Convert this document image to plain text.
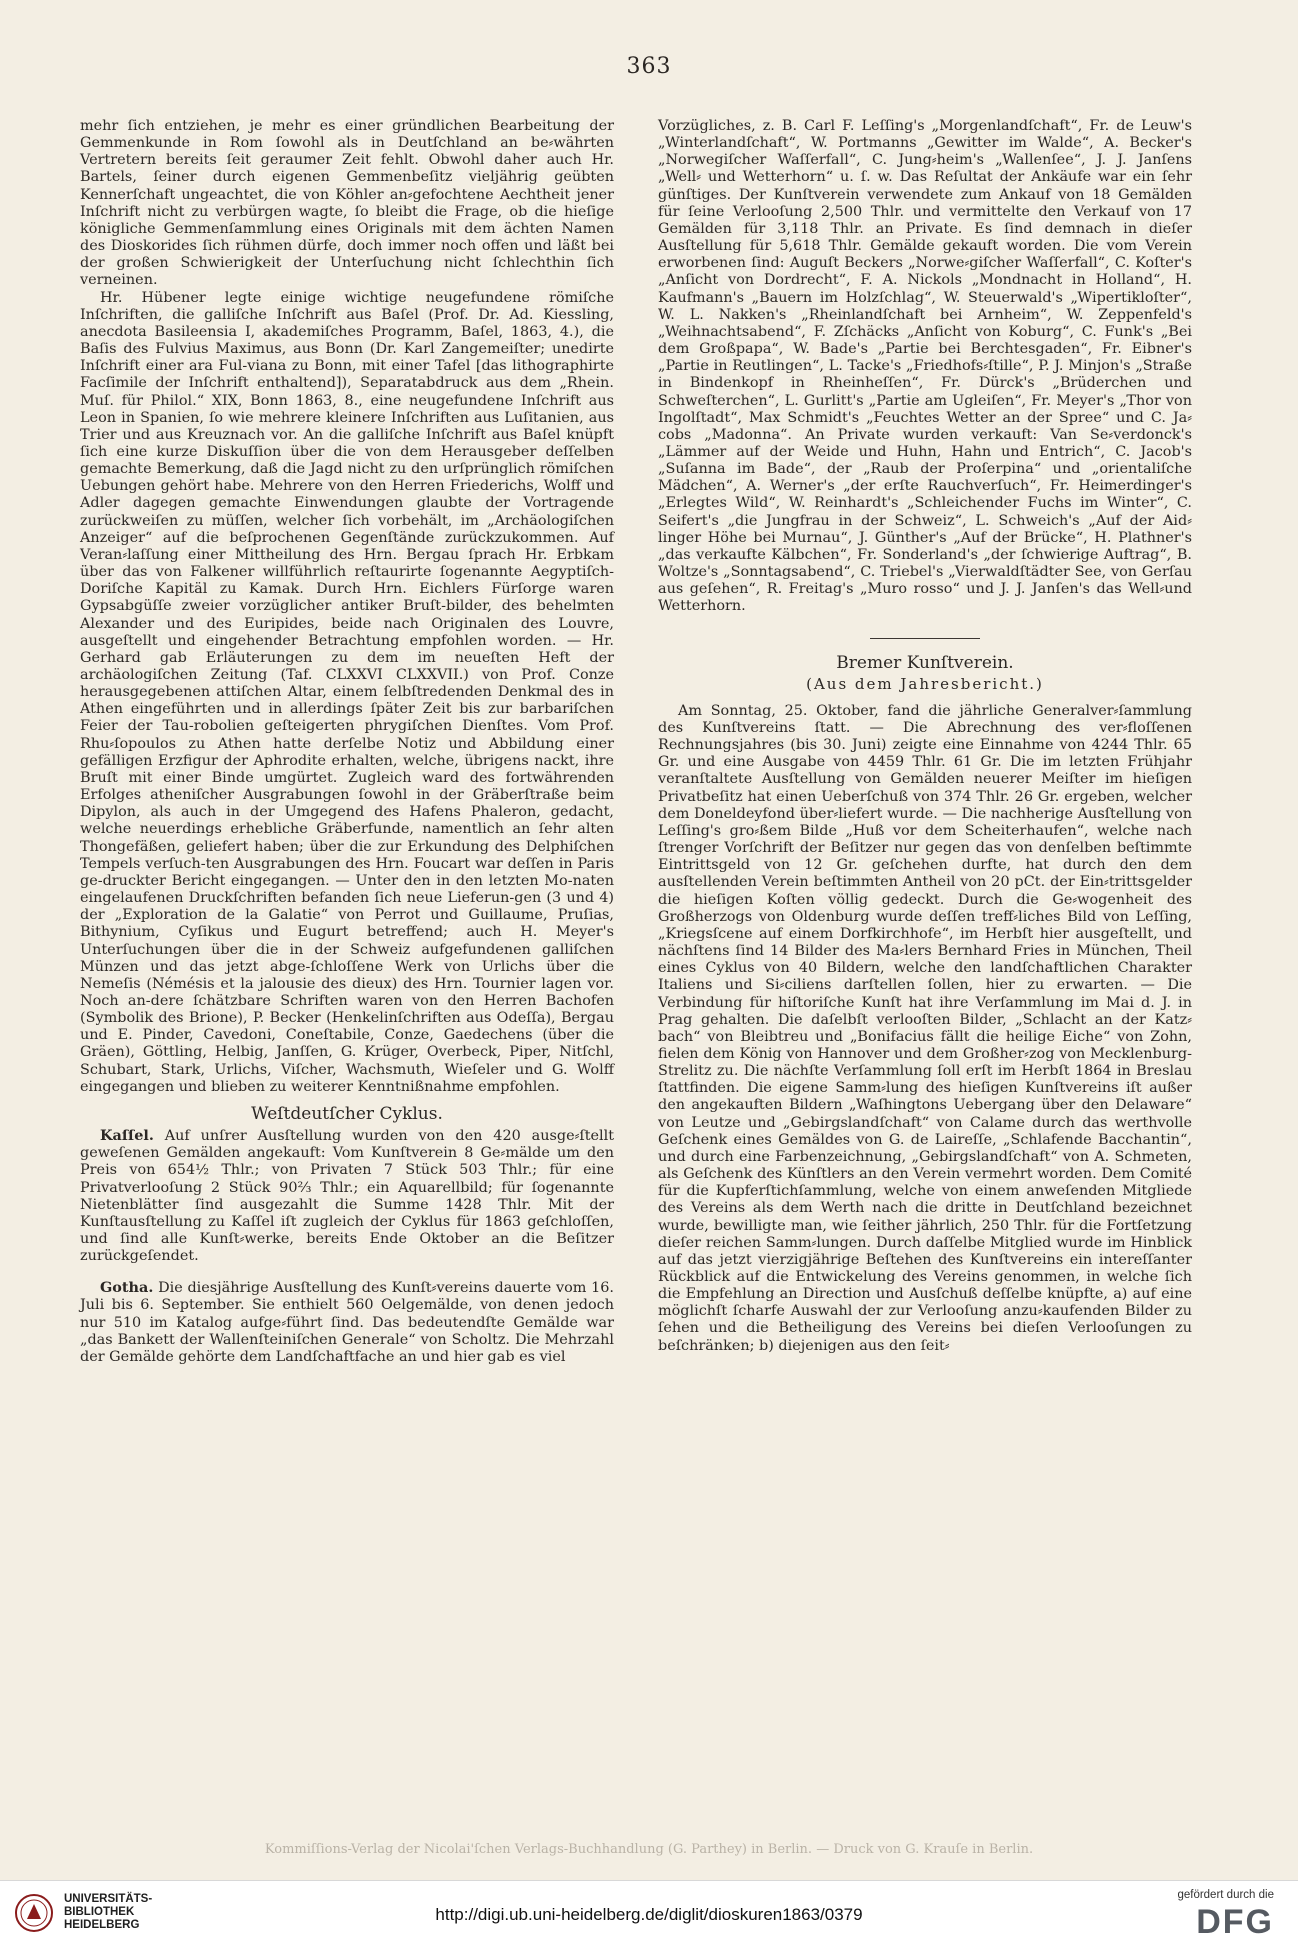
363

mehr ſich entziehen, je mehr es einer gründlichen Bearbeitung der Gemmenkunde in Rom ſowohl als in Deutſchland an be⸗währten Vertretern bereits ſeit geraumer Zeit fehlt. Obwohl daher auch Hr. Bartels, ſeiner durch eigenen Gemmenbeſitz vieljährig geübten Kennerſchaft ungeachtet, die von Köhler an⸗gefochtene Aechtheit jener Inſchrift nicht zu verbürgen wagte, ſo bleibt die Frage, ob die hieſige königliche Gemmenſammlung eines Originals mit dem ächten Namen des Dioskorides ſich rühmen dürfe, doch immer noch offen und läßt bei der großen Schwierigkeit der Unterſuchung nicht ſchlechthin ſich verneinen.

Hr. Hübener legte einige wichtige neugefundene römiſche Inſchriften, die galliſche Inſchrift aus Baſel (Prof. Dr. Ad. Kiessling, anecdota Basileensia I, akademiſches Programm, Baſel, 1863, 4.), die Baſis des Fulvius Maximus, aus Bonn (Dr. Karl Zangemeiſter; unedirte Inſchrift einer ara Ful-viana zu Bonn, mit einer Tafel [das lithographirte Facſimile der Inſchrift enthaltend]), Separatabdruck aus dem „Rhein. Muſ. für Philol.“ XIX, Bonn 1863, 8., eine neugefundene Inſchrift aus Leon in Spanien, ſo wie mehrere kleinere Inſchriften aus Luſitanien, aus Trier und aus Kreuznach vor. An die galliſche Inſchrift aus Baſel knüpft ſich eine kurze Diskuſſion über die von dem Herausgeber deſſelben gemachte Bemerkung, daß die Jagd nicht zu den urſprünglich römiſchen Uebungen gehört habe. Mehrere von den Herren Friederichs, Wolff und Adler dagegen gemachte Einwendungen glaubte der Vortragende zurückweiſen zu müſſen, welcher ſich vorbehält, im „Archäologiſchen Anzeiger“ auf die beſprochenen Gegenſtände zurückzukommen. Auf Veran⸗laſſung einer Mittheilung des Hrn. Bergau ſprach Hr. Erbkam über das von Falkener willführlich reſtaurirte ſogenannte Aegyptiſch-Doriſche Kapitäl zu Kamak. Durch Hrn. Eichlers Fürſorge waren Gypsabgüſſe zweier vorzüglicher antiker Bruſt-bilder, des behelmten Alexander und des Euripides, beide nach Originalen des Louvre, ausgeſtellt und eingehender Betrachtung empfohlen worden. — Hr. Gerhard gab Erläuterungen zu dem im neueſten Heft der archäologiſchen Zeitung (Taf. CLXXVI CLXXVII.) von Prof. Conze herausgegebenen attiſchen Altar, einem ſelbſtredenden Denkmal des in Athen eingeführten und in allerdings ſpäter Zeit bis zur barbariſchen Feier der Tau-robolien geſteigerten phrygiſchen Dienſtes. Vom Prof. Rhu⸗ſopoulos zu Athen hatte derſelbe Notiz und Abbildung einer gefälligen Erzfigur der Aphrodite erhalten, welche, übrigens nackt, ihre Bruſt mit einer Binde umgürtet. Zugleich ward des fortwährenden Erfolges atheniſcher Ausgrabungen ſowohl in der Gräberſtraße beim Dipylon, als auch in der Umgegend des Hafens Phaleron, gedacht, welche neuerdings erhebliche Gräberfunde, namentlich an ſehr alten Thongefäßen, geliefert haben; über die zur Erkundung des Delphiſchen Tempels verſuch-ten Ausgrabungen des Hrn. Foucart war deſſen in Paris ge-druckter Bericht eingegangen. — Unter den in den letzten Mo-naten eingelaufenen Druckſchriften befanden ſich neue Lieferun-gen (3 und 4) der „Exploration de la Galatie“ von Perrot und Guillaume, Pruſias, Bithynium, Cyſikus und Eugurt betreffend; auch H. Meyer's Unterſuchungen über die in der Schweiz aufgefundenen galliſchen Münzen und das jetzt abge-ſchloſſene Werk von Urlichs über die Nemeſis (Némésis et la jalousie des dieux) des Hrn. Tournier lagen vor. Noch an-dere ſchätzbare Schriften waren von den Herren Bachofen (Symbolik des Brione), P. Becker (Henkelinſchriften aus Odeſſa), Bergau und E. Pinder, Cavedoni, Coneſtabile, Conze, Gaedechens (über die Gräen), Göttling, Helbig, Janſſen, G. Krüger, Overbeck, Piper, Nitſchl, Schubart, Stark, Urlichs, Viſcher, Wachsmuth, Wieſeler und G. Wolff eingegangen und blieben zu weiterer Kenntnißnahme empfohlen.

Weſtdeutſcher Cyklus.

Kaſſel. Auf unſrer Ausſtellung wurden von den 420 ausge⸗ſtellt geweſenen Gemälden angekauft: Vom Kunſtverein 8 Ge⸗mälde um den Preis von 654½ Thlr.; von Privaten 7 Stück 503 Thlr.; für eine Privatverlooſung 2 Stück 90⅔ Thlr.; ein Aquarellbild; für ſogenannte Nietenblätter ſind ausgezahlt die Summe 1428 Thlr. Mit der Kunſtausſtellung zu Kaſſel iſt zugleich der Cyklus für 1863 geſchloſſen, und ſind alle Kunſt⸗werke, bereits Ende Oktober an die Beſitzer zurückgeſendet.

Gotha. Die diesjährige Ausſtellung des Kunſt⸗vereins dauerte vom 16. Juli bis 6. September. Sie enthielt 560 Oelgemälde, von denen jedoch nur 510 im Katalog aufge⸗führt ſind. Das bedeutendſte Gemälde war „das Bankett der Wallenſteiniſchen Generale“ von Scholtz. Die Mehrzahl der Gemälde gehörte dem Landſchaftfache an und hier gab es viel

Vorzügliches, z. B. Carl F. Leſſing's „Morgenlandſchaft“, Fr. de Leuw's „Winterlandſchaft“, W. Portmanns „Gewitter im Walde“, A. Becker's „Norwegiſcher Waſſerfall“, C. Jung⸗heim's „Wallenſee“, J. J. Janſens „Well⸗ und Wetterhorn“ u. ſ. w. Das Reſultat der Ankäufe war ein ſehr günſtiges. Der Kunſtverein verwendete zum Ankauf von 18 Gemälden für ſeine Verlooſung 2,500 Thlr. und vermittelte den Verkauf von 17 Gemälden für 3,118 Thlr. an Private. Es ſind demnach in dieſer Ausſtellung für 5,618 Thlr. Gemälde gekauft worden. Die vom Verein erworbenen ſind: Auguſt Beckers „Norwe⸗giſcher Waſſerfall“, C. Koſter's „Anſicht von Dordrecht“, F. A. Nickols „Mondnacht in Holland“, H. Kaufmann's „Bauern im Holzſchlag“, W. Steuerwald's „Wipertikloſter“, W. L. Nakken's „Rheinlandſchaft bei Arnheim“, W. Zeppenfeld's „Weihnachtsabend“, F. Zſchäcks „Anſicht von Koburg“, C. Funk's „Bei dem Großpapa“, W. Bade's „Partie bei Berchtesgaden“, Fr. Eibner's „Partie in Reutlingen“, L. Tacke's „Friedhofs⸗ſtille“, P. J. Minjon's „Straße in Bindenkopf in Rheinheſſen“, Fr. Dürck's „Brüderchen und Schweſterchen“, L. Gurlitt's „Partie am Ugleiſen“, Fr. Meyer's „Thor von Ingolſtadt“, Max Schmidt's „Feuchtes Wetter an der Spree“ und C. Ja⸗cobs „Madonna“. An Private wurden verkauft: Van Se⸗verdonck's „Lämmer auf der Weide und Huhn, Hahn und Entrich“, C. Jacob's „Suſanna im Bade“, der „Raub der Proſerpina“ und „orientaliſche Mädchen“, A. Werner's „der erſte Rauchverſuch“, Fr. Heimerdinger's „Erlegtes Wild“, W. Reinhardt's „Schleichender Fuchs im Winter“, C. Seifert's „die Jungfrau in der Schweiz“, L. Schweich's „Auf der Aid⸗linger Höhe bei Murnau“, J. Günther's „Auf der Brücke“, H. Plathner's „das verkaufte Kälbchen“, Fr. Sonderland's „der ſchwierige Auftrag“, B. Woltze's „Sonntagsabend“, C. Triebel's „Vierwaldſtädter See, von Gerſau aus geſehen“, R. Freitag's „Muro rosso“ und J. J. Janſen's das Well⸗und Wetterhorn.

Bremer Kunſtverein.
(Aus dem Jahresbericht.)

Am Sonntag, 25. Oktober, fand die jährliche Generalver⸗ſammlung des Kunſtvereins ſtatt. — Die Abrechnung des ver⸗floſſenen Rechnungsjahres (bis 30. Juni) zeigte eine Einnahme von 4244 Thlr. 65 Gr. und eine Ausgabe von 4459 Thlr. 61 Gr. Die im letzten Frühjahr veranſtaltete Ausſtellung von Gemälden neuerer Meiſter im hieſigen Privatbeſitz hat einen Ueberſchuß von 374 Thlr. 26 Gr. ergeben, welcher dem Doneldeyfond über⸗liefert wurde. — Die nachherige Ausſtellung von Leſſing's gro⸗ßem Bilde „Huß vor dem Scheiterhaufen“, welche nach ſtrenger Vorſchrift der Beſitzer nur gegen das von denſelben beſtimmte Eintrittsgeld von 12 Gr. geſchehen durfte, hat durch den dem ausſtellenden Verein beſtimmten Antheil von 20 pCt. der Ein⸗trittsgelder die hieſigen Koſten völlig gedeckt. Durch die Ge⸗wogenheit des Großherzogs von Oldenburg wurde deſſen treff⸗liches Bild von Leſſing, „Kriegsſcene auf einem Dorfkirchhofe“, im Herbſt hier ausgeſtellt, und nächſtens ſind 14 Bilder des Ma⸗lers Bernhard Fries in München, Theil eines Cyklus von 40 Bildern, welche den landſchaftlichen Charakter Italiens und Si⸗ciliens darſtellen ſollen, hier zu erwarten. — Die Verbindung für hiſtoriſche Kunſt hat ihre Verſammlung im Mai d. J. in Prag gehalten. Die daſelbſt verlooſten Bilder, „Schlacht an der Katz⸗bach“ von Bleibtreu und „Bonifacius fällt die heilige Eiche“ von Zohn, fielen dem König von Hannover und dem Großher⸗zog von Mecklenburg-Strelitz zu. Die nächſte Verſammlung ſoll erſt im Herbſt 1864 in Breslau ſtattfinden. Die eigene Samm⸗lung des hieſigen Kunſtvereins iſt außer den angekauften Bildern „Waſhingtons Uebergang über den Delaware“ von Leutze und „Gebirgslandſchaft“ von Calame durch das werthvolle Geſchenk eines Gemäldes von G. de Laireſſe, „Schlafende Bacchantin“, und durch eine Farbenzeichnung, „Gebirgslandſchaft“ von A. Schmeten, als Geſchenk des Künſtlers an den Verein vermehrt worden. Dem Comité für die Kupferſtichſammlung, welche von einem anweſenden Mitgliede des Vereins als dem Werth nach die dritte in Deutſchland bezeichnet wurde, bewilligte man, wie ſeither jährlich, 250 Thlr. für die Fortſetzung dieſer reichen Samm⸗lungen. Durch daſſelbe Mitglied wurde im Hinblick auf das jetzt vierzigjährige Beſtehen des Kunſtvereins ein intereſſanter Rückblick auf die Entwickelung des Vereins genommen, in welche ſich die Empfehlung an Direction und Ausſchuß deſſelbe knüpfte, a) auf eine möglichſt ſcharfe Auswahl der zur Verlooſung anzu⸗kaufenden Bilder zu ſehen und die Betheiligung des Vereins bei dieſen Verlooſungen zu beſchränken; b) diejenigen aus den ſeit⸗

Kommiſſions-Verlag der Nicolai'ſchen Verlags-Buchhandlung (G. Parthey) in Berlin. — Druck von G. Krauſe in Berlin.
UNIVERSITÄTS-
BIBLIOTHEK
HEIDELBERG
http://digi.ub.uni-heidelberg.de/diglit/dioskuren1863/0379
gefördert durch die
DFG
